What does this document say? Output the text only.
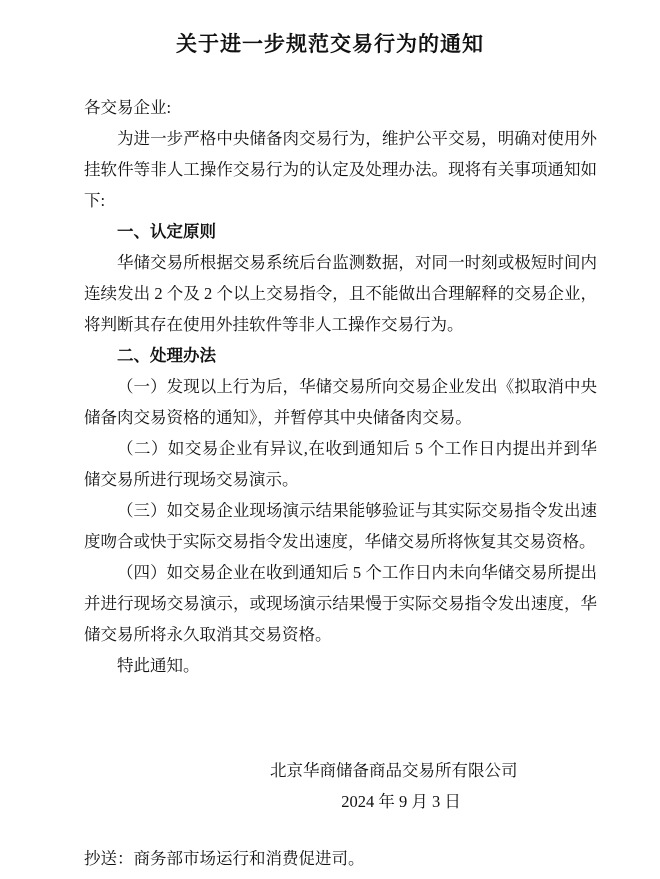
关于进一步规范交易行为的通知

各交易企业:

为进一步严格中央储备肉交易行为，维护公平交易，明确对使用外挂软件等非人工操作交易行为的认定及处理办法。现将有关事项通知如下:

一、认定原则

华储交易所根据交易系统后台监测数据，对同一时刻或极短时间内连续发出 2 个及 2 个以上交易指令，且不能做出合理解释的交易企业，将判断其存在使用外挂软件等非人工操作交易行为。

二、处理办法

（一）发现以上行为后，华储交易所向交易企业发出《拟取消中央储备肉交易资格的通知》，并暂停其中央储备肉交易。

（二）如交易企业有异议,在收到通知后 5 个工作日内提出并到华储交易所进行现场交易演示。

（三）如交易企业现场演示结果能够验证与其实际交易指令发出速度吻合或快于实际交易指令发出速度，华储交易所将恢复其交易资格。

（四）如交易企业在收到通知后 5 个工作日内未向华储交易所提出并进行现场交易演示，或现场演示结果慢于实际交易指令发出速度，华储交易所将永久取消其交易资格。

特此通知。

北京华商储备商品交易所有限公司
2024 年 9 月 3 日
抄送：商务部市场运行和消费促进司。
